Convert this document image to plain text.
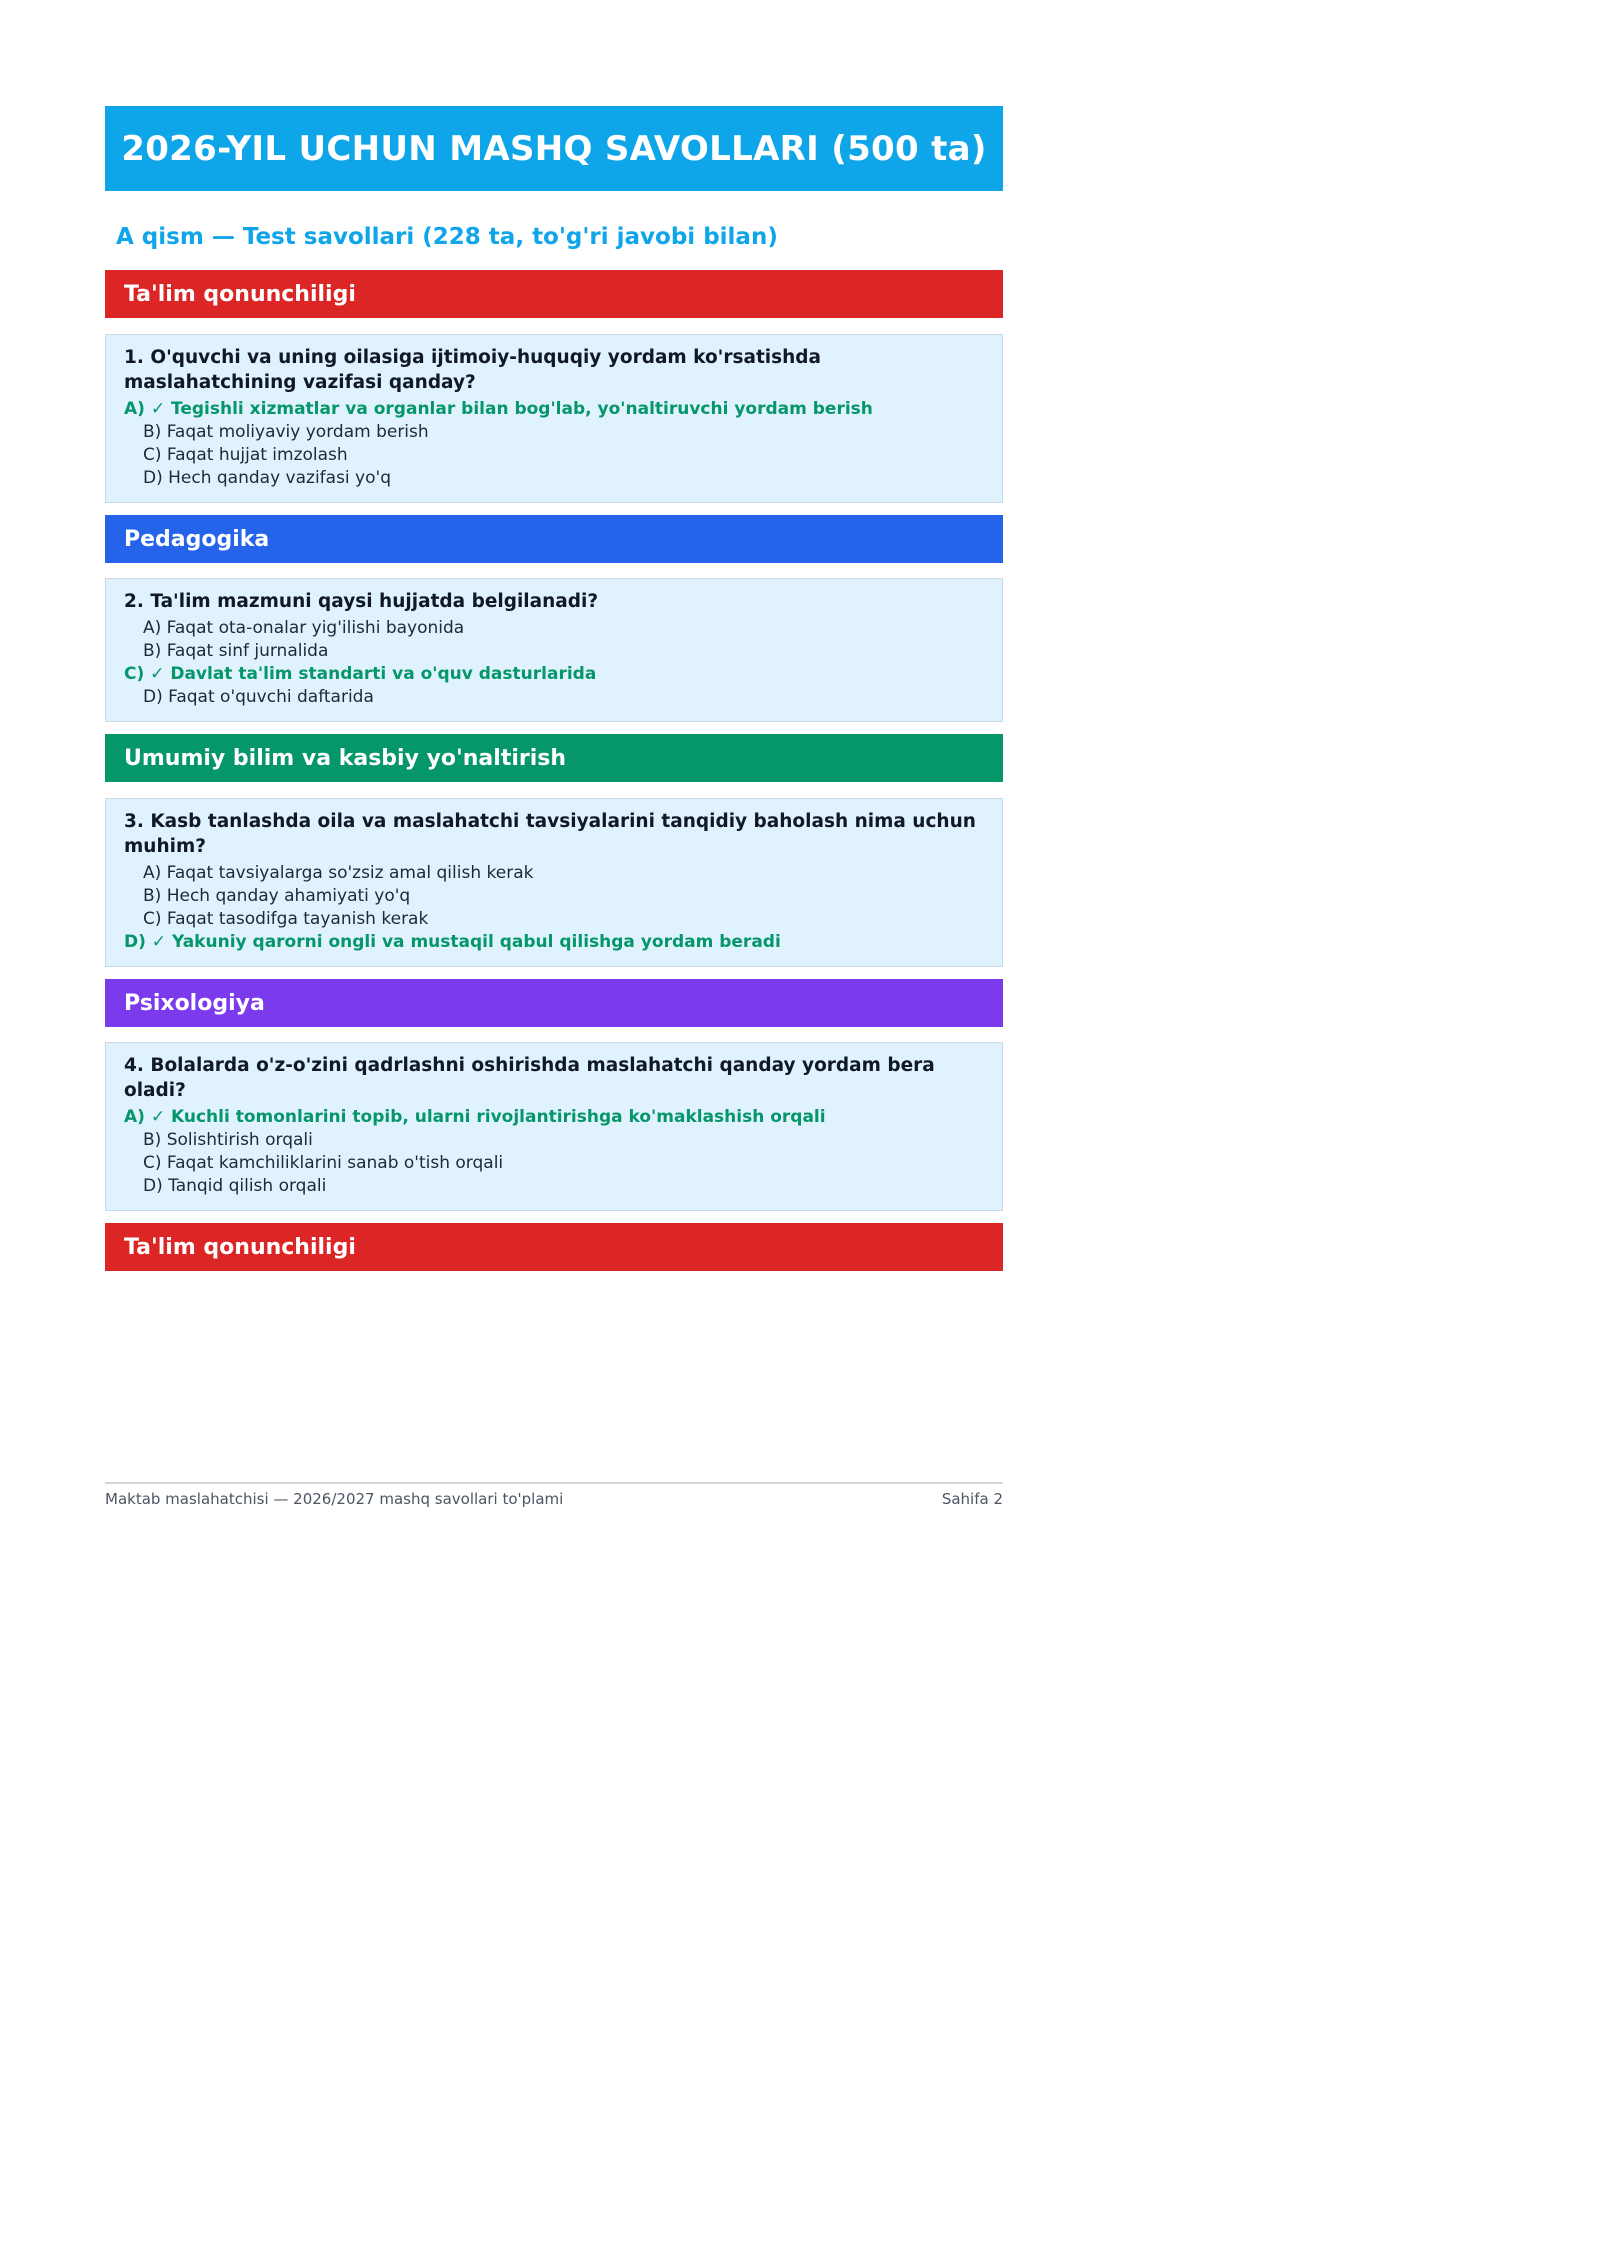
2026-YIL UCHUN MASHQ SAVOLLARI (500 ta)
A qism — Test savollari (228 ta, to'g'ri javobi bilan)
Ta'lim qonunchiligi
1. O'quvchi va uning oilasiga ijtimoiy-huquqiy yordam ko'rsatishda maslahatchining vazifasi qanday?
A) ✓ Tegishli xizmatlar va organlar bilan bog'lab, yo'naltiruvchi yordam berish
B) Faqat moliyaviy yordam berish
C) Faqat hujjat imzolash
D) Hech qanday vazifasi yo'q
Pedagogika
2. Ta'lim mazmuni qaysi hujjatda belgilanadi?
A) Faqat ota-onalar yig'ilishi bayonida
B) Faqat sinf jurnalida
C) ✓ Davlat ta'lim standarti va o'quv dasturlarida
D) Faqat o'quvchi daftarida
Umumiy bilim va kasbiy yo'naltirish
3. Kasb tanlashda oila va maslahatchi tavsiyalarini tanqidiy baholash nima uchun muhim?
A) Faqat tavsiyalarga so'zsiz amal qilish kerak
B) Hech qanday ahamiyati yo'q
C) Faqat tasodifga tayanish kerak
D) ✓ Yakuniy qarorni ongli va mustaqil qabul qilishga yordam beradi
Psixologiya
4. Bolalarda o'z-o'zini qadrlashni oshirishda maslahatchi qanday yordam bera oladi?
A) ✓ Kuchli tomonlarini topib, ularni rivojlantirishga ko'maklashish orqali
B) Solishtirish orqali
C) Faqat kamchiliklarini sanab o'tish orqali
D) Tanqid qilish orqali
Ta'lim qonunchiligi
Maktab maslahatchisi — 2026/2027 mashq savollari to'plami	Sahifa 2
